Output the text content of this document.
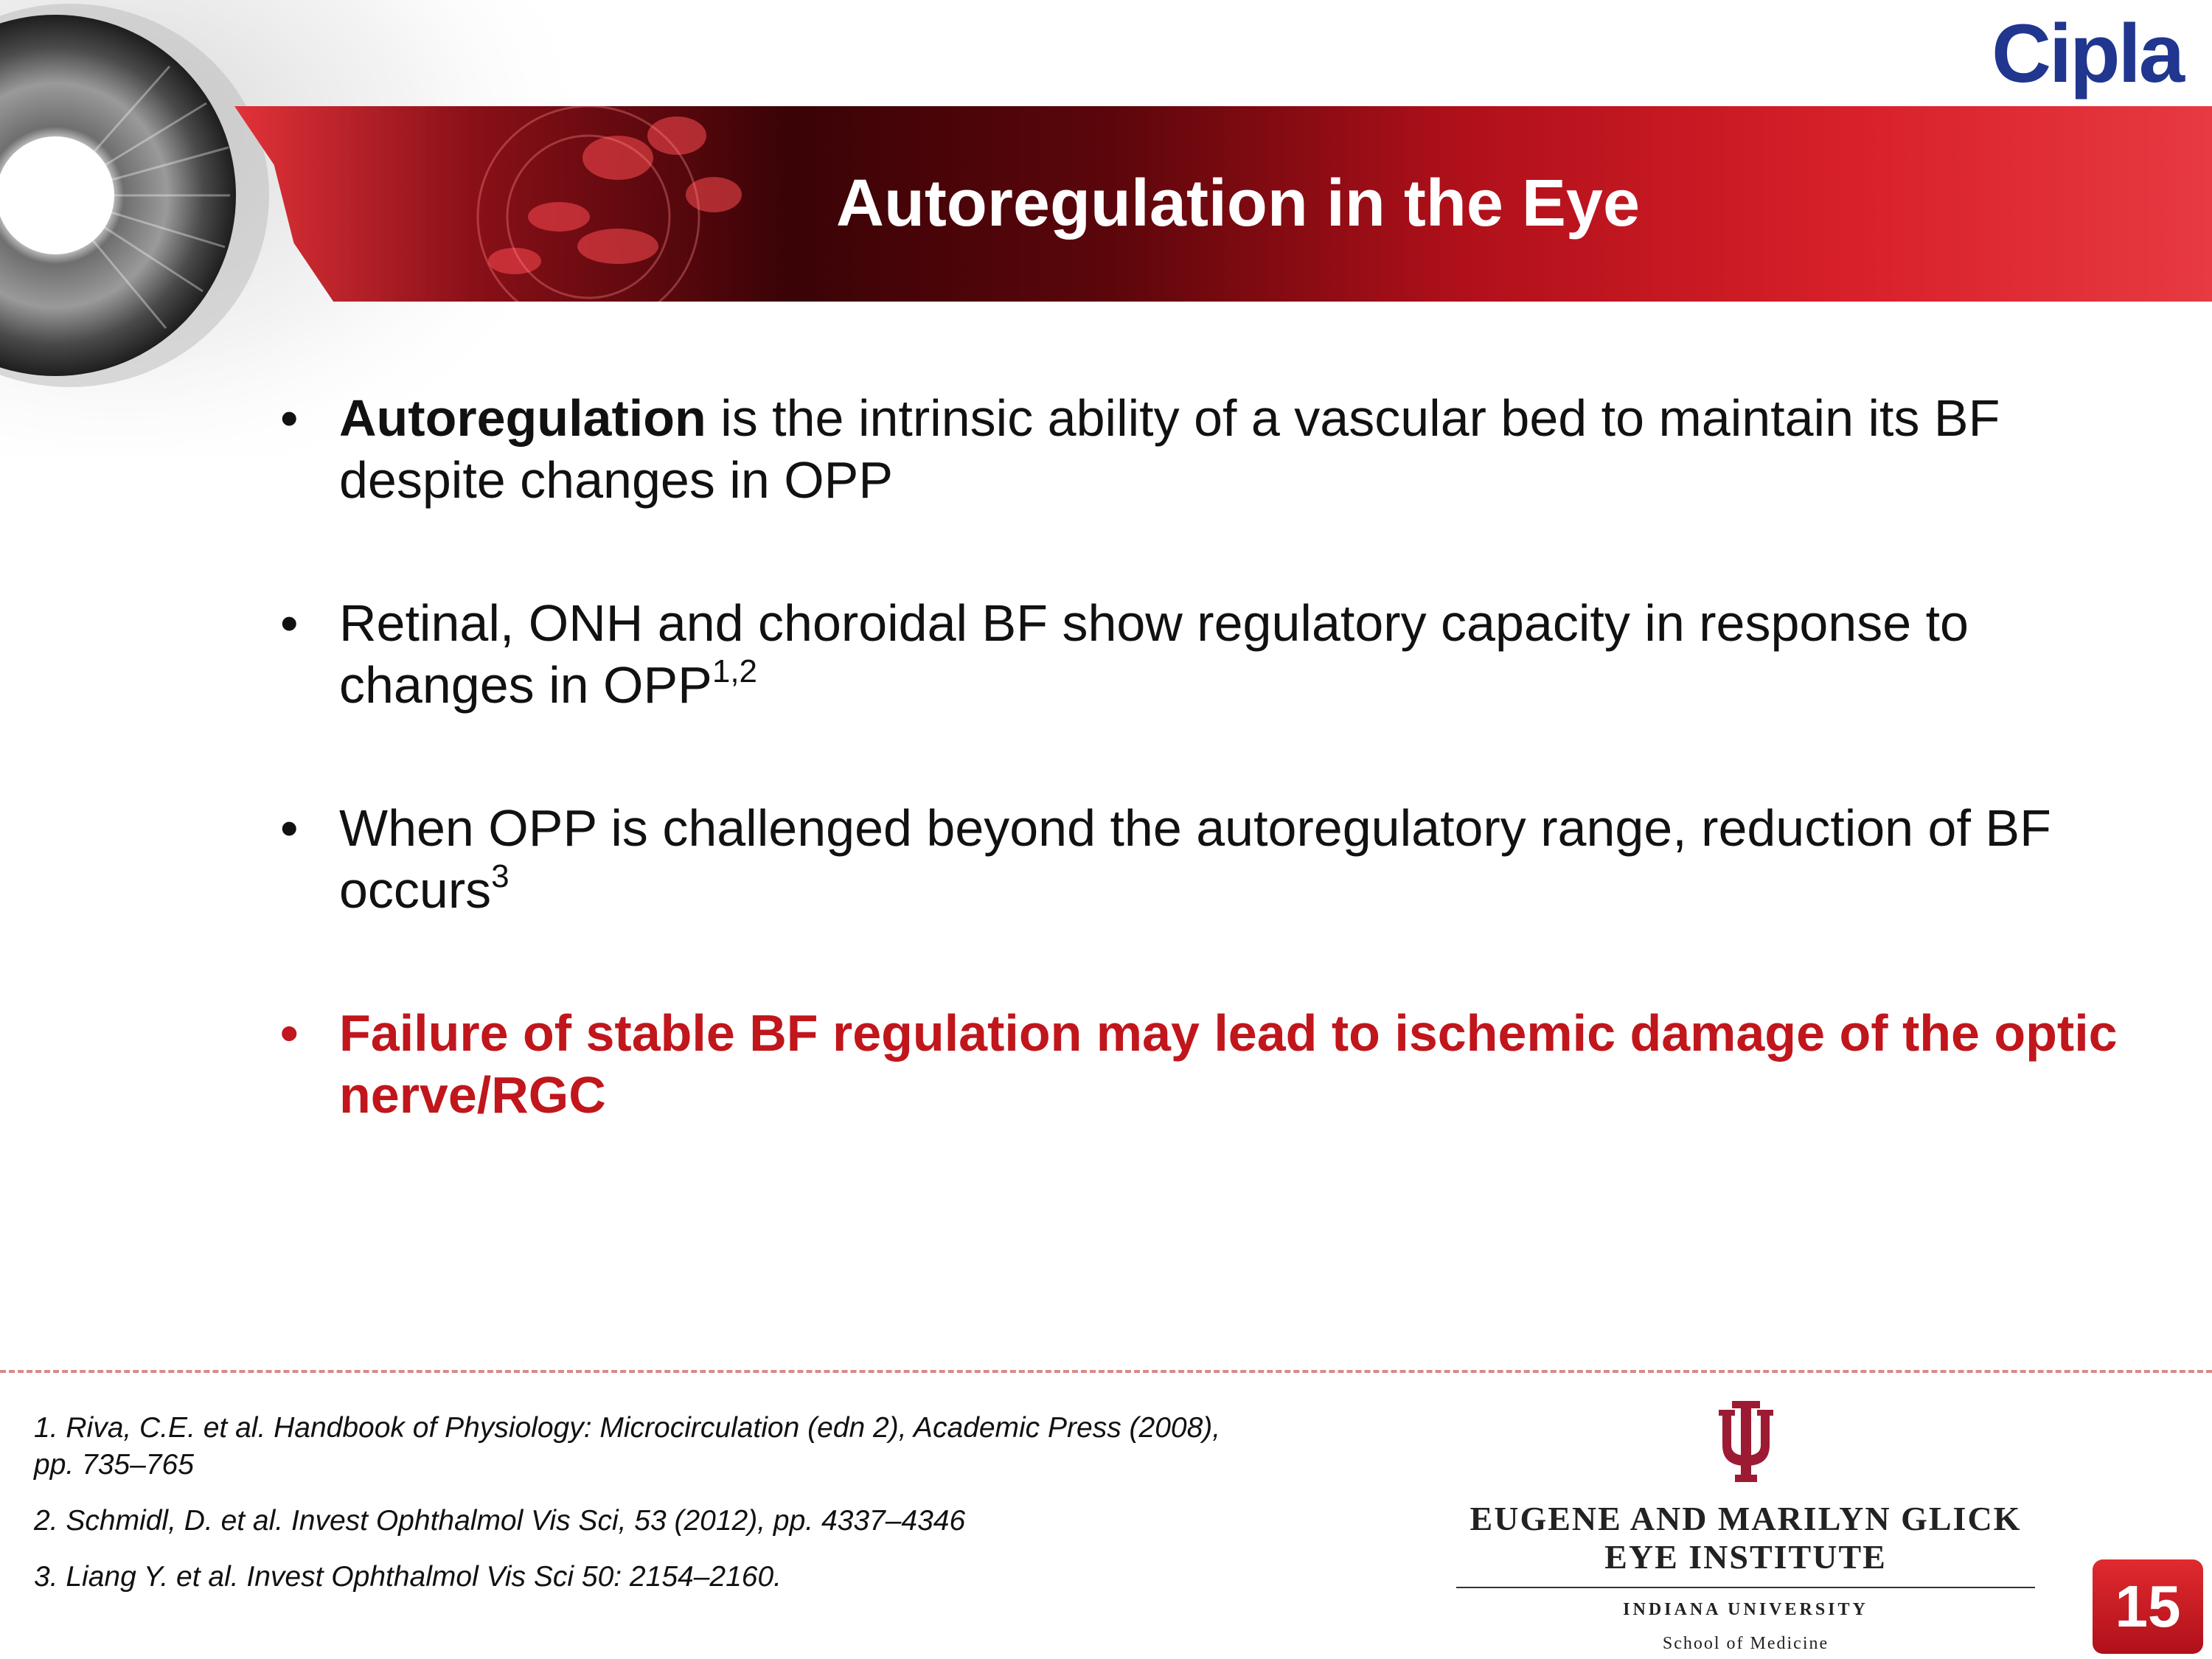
Cipla
Autoregulation in the Eye
• Autoregulation is the intrinsic ability of a vascular bed to maintain its BF despite changes in OPP
• Retinal, ONH and choroidal BF show regulatory capacity in response to changes in OPP$^{1,2}$
• When OPP is challenged beyond the autoregulatory range, reduction of BF occurs$^3$
• Failure of stable BF regulation may lead to ischemic damage of the optic nerve/RGC

1. Riva, C.E. et al. Handbook of Physiology: Microcirculation (edn 2), Academic Press (2008), pp. 735–765

2. Schmidl, D. et al. Invest Ophthalmol Vis Sci, 53 (2012), pp. 4337–4346

3. Liang Y. et al. Invest Ophthalmol Vis Sci 50: 2154–2160.

EUGENE AND MARILYN GLICK
EYE INSTITUTE
INDIANA UNIVERSITY
School of Medicine
15
